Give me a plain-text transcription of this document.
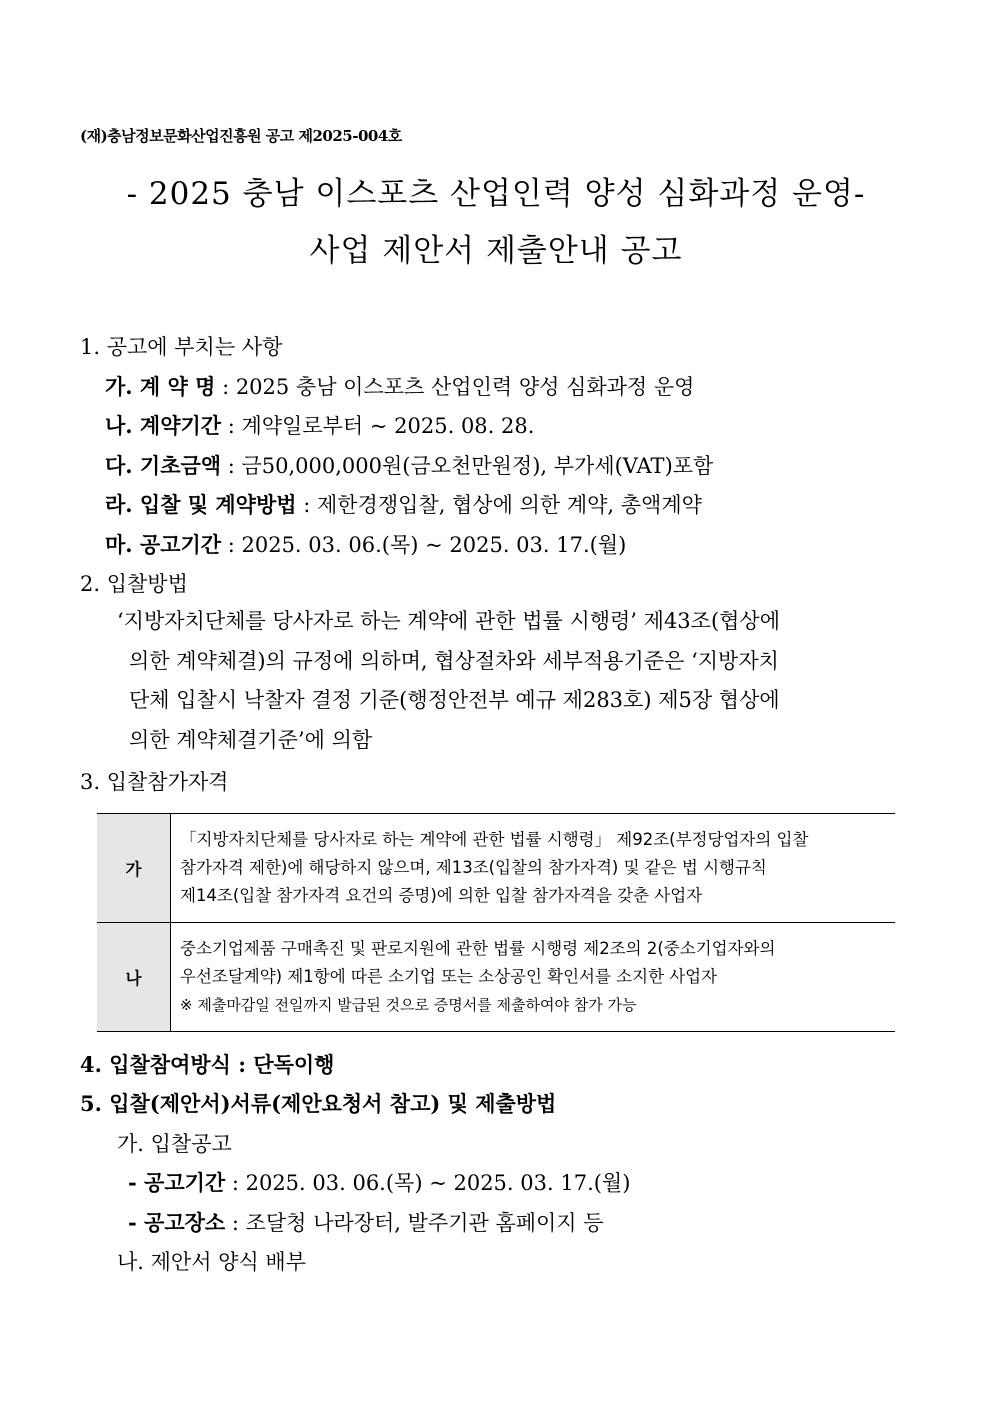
(재)충남정보문화산업진흥원 공고 제2025-004호
- 2025 충남 이스포츠 산업인력 양성 심화과정 운영-
사업 제안서 제출안내 공고
1. 공고에 부치는 사항
가. 계 약 명 : 2025 충남 이스포츠 산업인력 양성 심화과정 운영
나. 계약기간 : 계약일로부터 ~ 2025. 08. 28.
다. 기초금액 : 금50,000,000원(금오천만원정), 부가세(VAT)포함
라. 입찰 및 계약방법 : 제한경쟁입찰, 협상에 의한 계약, 총액계약
마. 공고기간 : 2025. 03. 06.(목) ~ 2025. 03. 17.(월)
2. 입찰방법
‘지방자치단체를 당사자로 하는 계약에 관한 법률 시행령’ 제43조(협상에
의한 계약체결)의 규정에 의하며, 협상절차와 세부적용기준은 ‘지방자치
단체 입찰시 낙찰자 결정 기준(행정안전부 예규 제283호) 제5장 협상에
의한 계약체결기준’에 의함
3. 입찰참가자격
가	「지방자치단체를 당사자로 하는 계약에 관한 법률 시행령」 제92조(부정당업자의 입찰
참가자격 제한)에 해당하지 않으며, 제13조(입찰의 참가자격) 및 같은 법 시행규칙
제14조(입찰 참가자격 요건의 증명)에 의한 입찰 참가자격을 갖춘 사업자

나	중소기업제품 구매촉진 및 판로지원에 관한 법률 시행령 제2조의 2(중소기업자와의
우선조달계약) 제1항에 따른 소기업 또는 소상공인 확인서를 소지한 사업자
※ 제출마감일 전일까지 발급된 것으로 증명서를 제출하여야 참가 가능
4. 입찰참여방식 : 단독이행
5. 입찰(제안서)서류(제안요청서 참고) 및 제출방법
가. 입찰공고
- 공고기간 : 2025. 03. 06.(목) ~ 2025. 03. 17.(월)
- 공고장소 : 조달청 나라장터, 발주기관 홈페이지 등
나. 제안서 양식 배부
